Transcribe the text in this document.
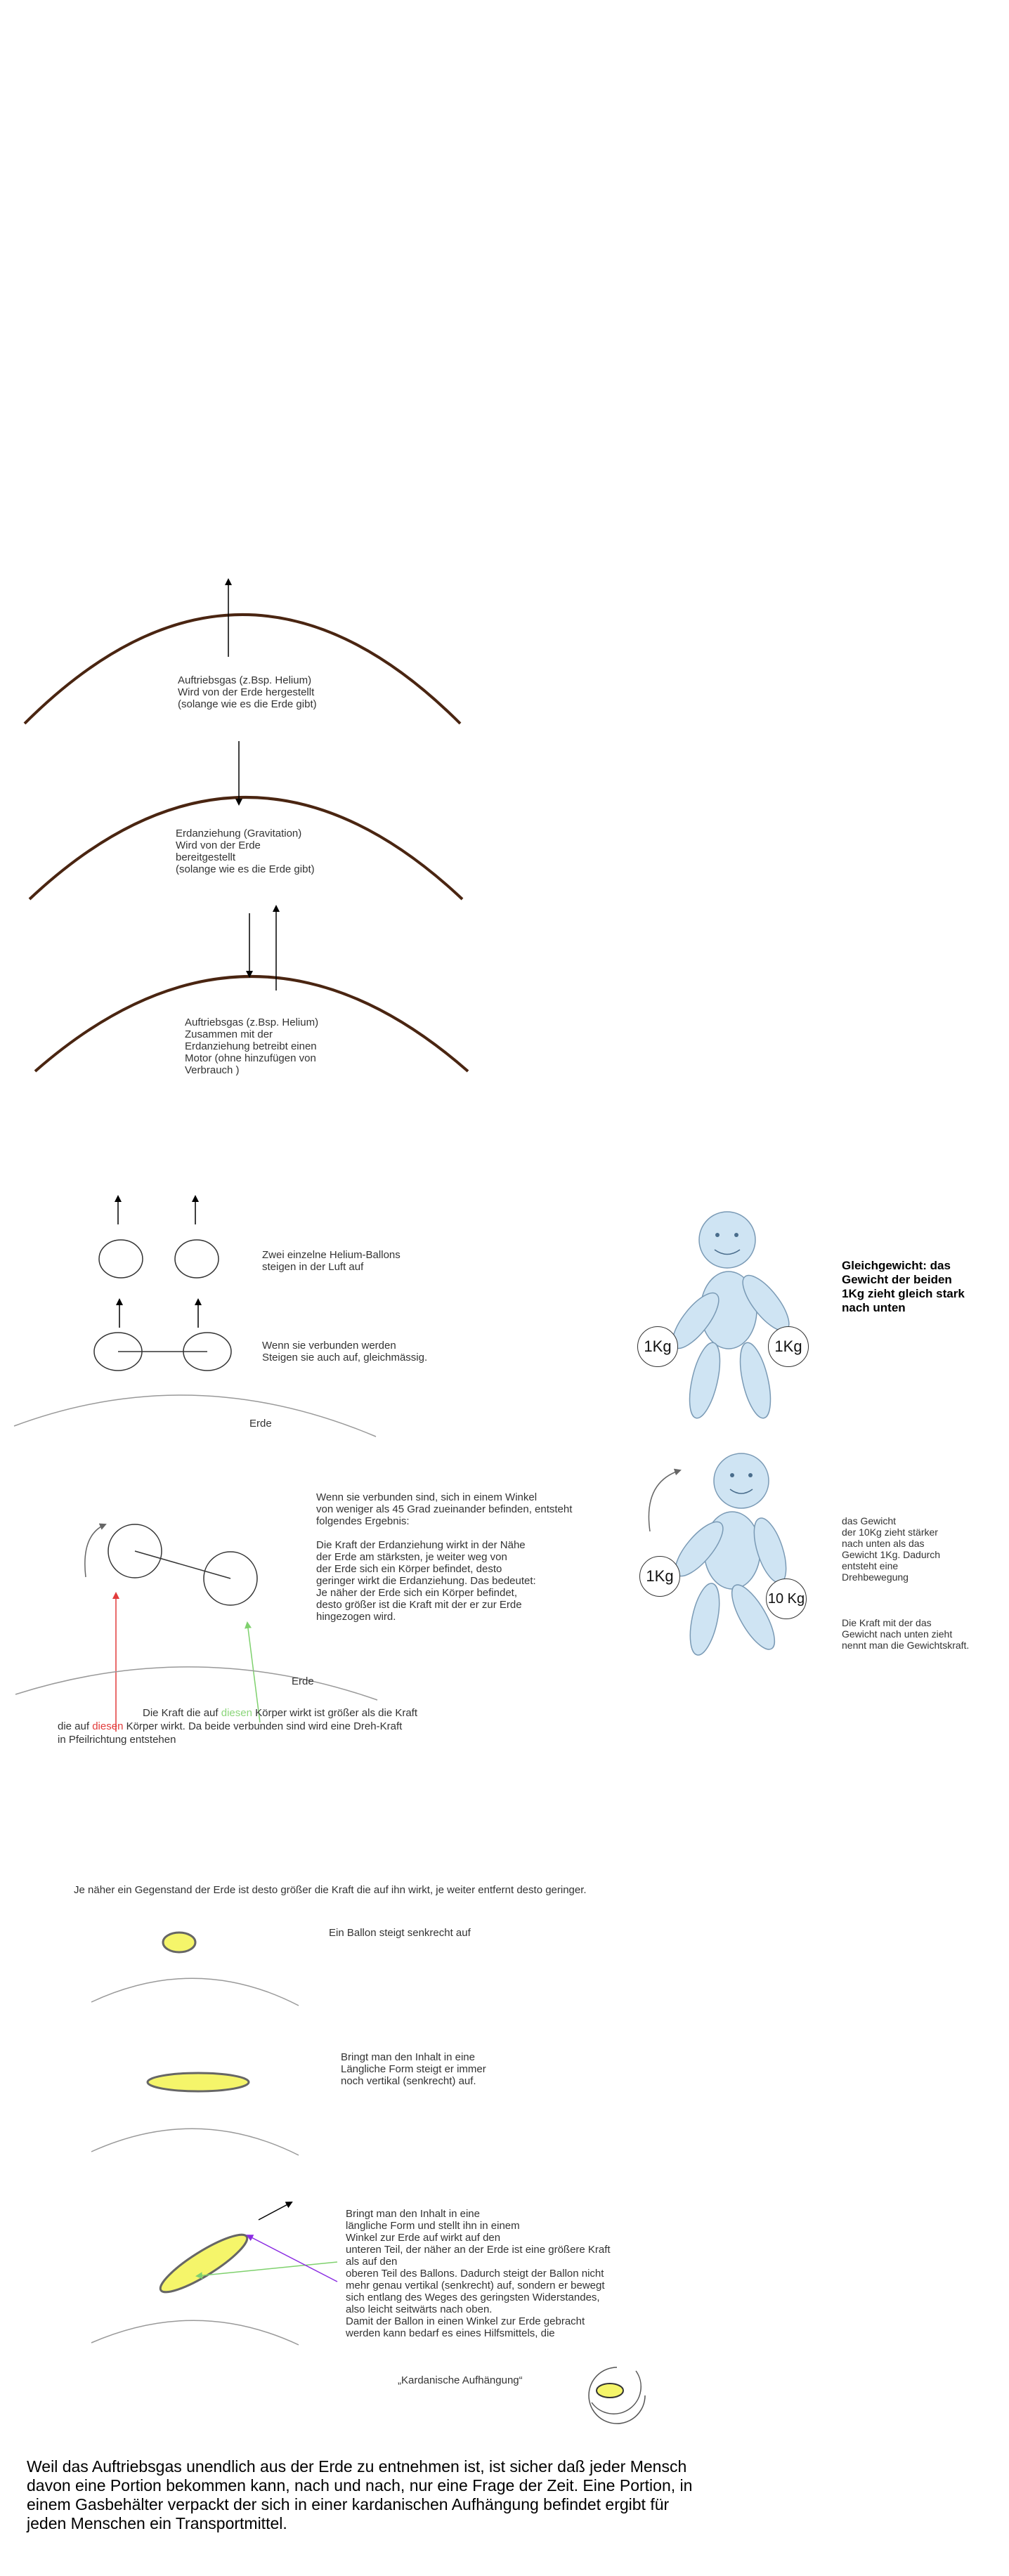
Auftriebsgas (z.Bsp. Helium)
Wird von der Erde hergestellt
(solange wie es die Erde gibt)
Erdanziehung (Gravitation)
Wird von der Erde
bereitgestellt
(solange wie es die Erde gibt)
Auftriebsgas (z.Bsp. Helium)
Zusammen mit der
Erdanziehung betreibt einen
Motor (ohne hinzufügen von
Verbrauch )
Zwei einzelne Helium-Ballons
steigen in der Luft auf
Wenn sie verbunden werden
Steigen sie auch auf, gleichmässig.
Erde
Wenn sie verbunden sind, sich in einem Winkel
von weniger als 45 Grad zueinander befinden, entsteht
folgendes Ergebnis:

Die Kraft der Erdanziehung wirkt in der Nähe
der Erde am stärksten, je weiter weg von
der Erde sich ein Körper befindet, desto
geringer wirkt die Erdanziehung. Das bedeutet:
Je näher der Erde sich ein Körper befindet,
desto größer ist die Kraft mit der er zur Erde
hingezogen wird.
Erde
Die Kraft die auf diesen Körper wirkt ist größer als die Kraft
die auf diesen Körper wirkt. Da beide verbunden sind wird eine Dreh-Kraft
in Pfeilrichtung entstehen
1Kg	1Kg
Gleichgewicht: das
Gewicht der beiden
1Kg zieht gleich stark
nach unten
1Kg
10 Kg
das Gewicht
der 10Kg zieht stärker
nach unten als das
Gewicht 1Kg. Dadurch
entsteht eine
Drehbewegung
Die Kraft mit der das
Gewicht nach unten zieht
nennt man die Gewichtskraft.
Je näher ein Gegenstand der Erde ist desto größer die Kraft die auf ihn wirkt, je weiter entfernt desto geringer.
Ein Ballon steigt senkrecht auf
Bringt man den Inhalt in eine
Längliche Form steigt er immer
noch vertikal (senkrecht) auf.
Bringt man den Inhalt in eine
längliche Form und stellt ihn in einem
Winkel zur Erde auf wirkt auf den
unteren Teil, der näher an der Erde ist eine größere Kraft
als auf den
oberen Teil des Ballons. Dadurch steigt der Ballon nicht
mehr genau vertikal (senkrecht) auf, sondern er bewegt
sich entlang des Weges des geringsten Widerstandes,
also leicht seitwärts nach oben.
Damit der Ballon in einen Winkel zur Erde gebracht
werden kann bedarf es eines Hilfsmittels, die
„Kardanische Aufhängung“
Weil das Auftriebsgas unendlich aus der Erde zu entnehmen ist, ist sicher daß jeder Mensch
davon eine Portion bekommen kann, nach und nach, nur eine Frage der Zeit. Eine Portion, in
einem Gasbehälter verpackt der sich in einer kardanischen Aufhängung befindet ergibt für
jeden Menschen ein Transportmittel.
